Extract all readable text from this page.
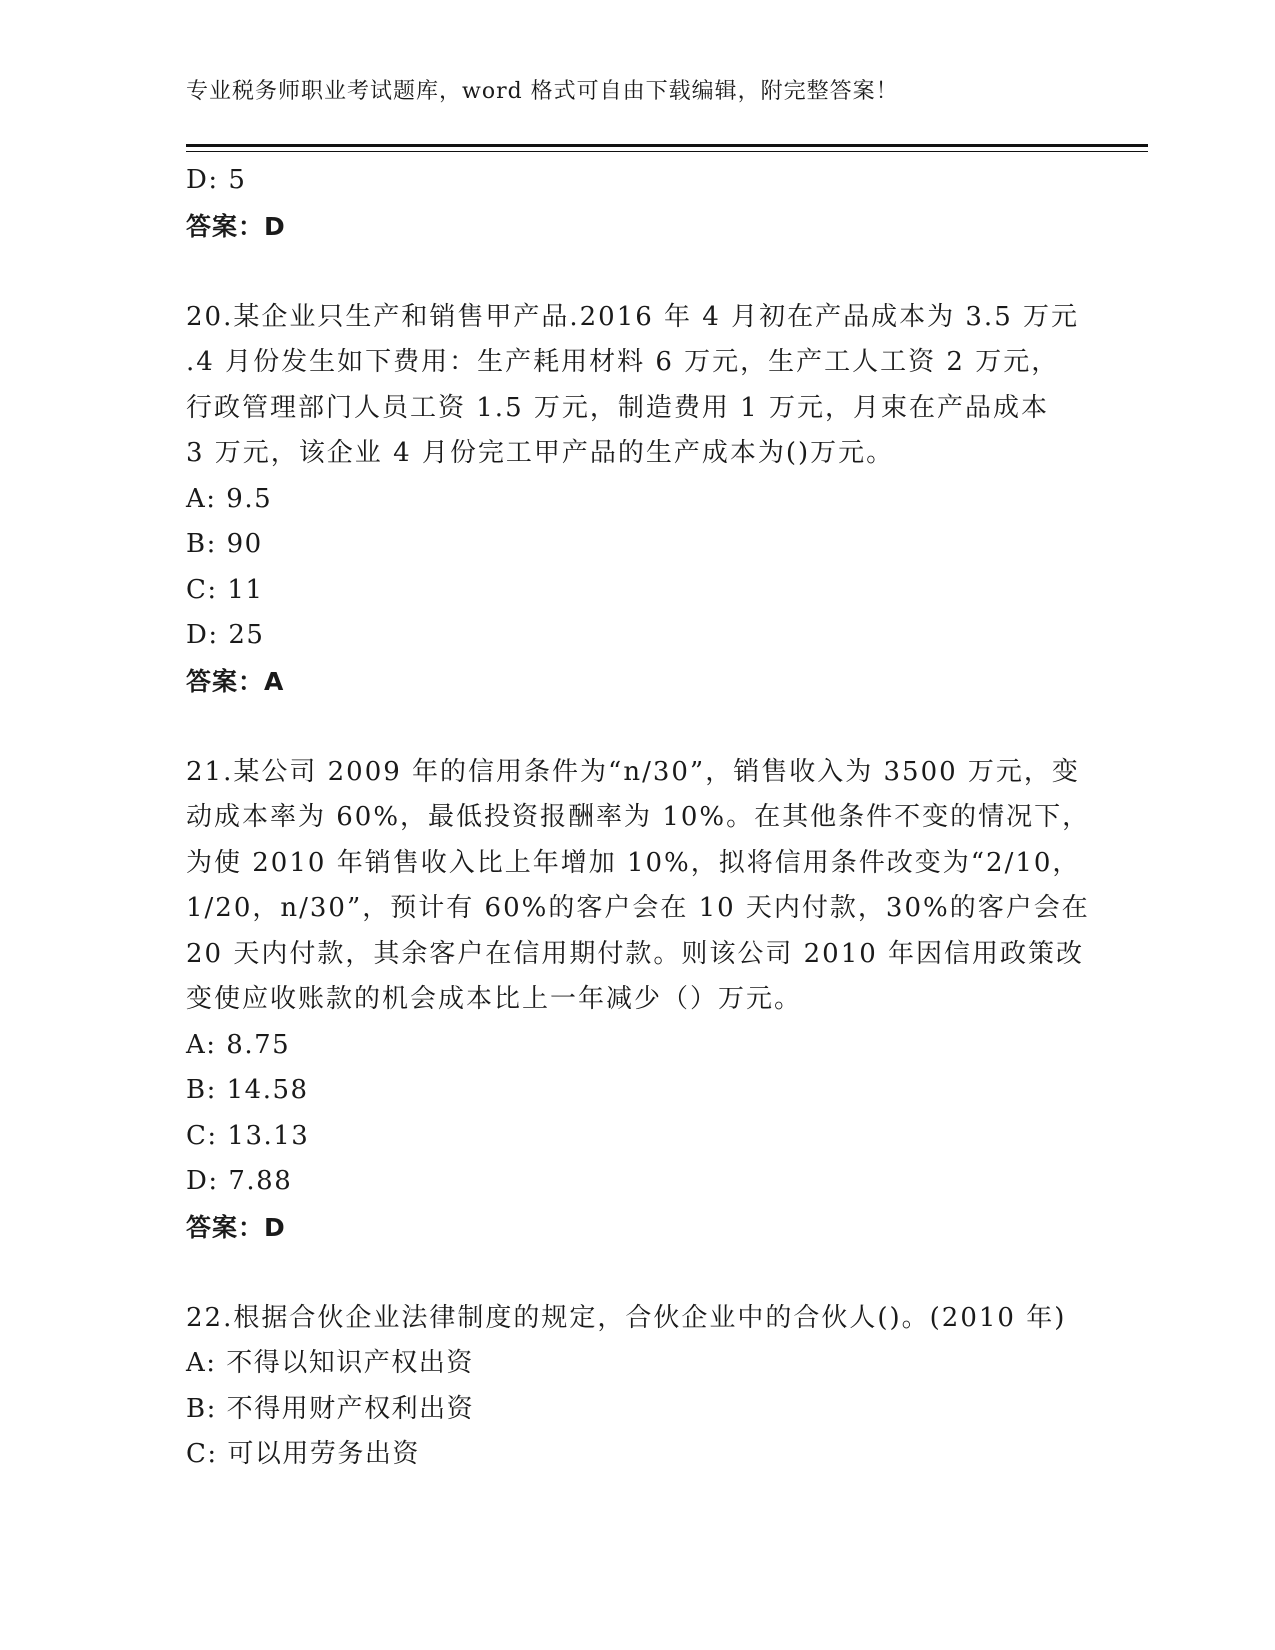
专业税务师职业考试题库，word 格式可自由下载编辑，附完整答案！
D: 5
答案：D
20.某企业只生产和销售甲产品.2016 年 4 月初在产品成本为 3.5 万元
.4 月份发生如下费用：生产耗用材料 6 万元，生产工人工资 2 万元，
行政管理部门人员工资 1.5 万元，制造费用 1 万元，月束在产品成本
3 万元，该企业 4 月份完工甲产品的生产成本为()万元。
A: 9.5
B: 90
C: 11
D: 25
答案：A
21.某公司 2009 年的信用条件为“n/30”，销售收入为 3500 万元，变
动成本率为 60%，最低投资报酬率为 10%。在其他条件不变的情况下，
为使 2010 年销售收入比上年增加 10%，拟将信用条件改变为“2/10，
1/20，n/30”，预计有 60%的客户会在 10 天内付款，30%的客户会在
20 天内付款，其余客户在信用期付款。则该公司 2010 年因信用政策改
变使应收账款的机会成本比上一年减少（）万元。
A: 8.75
B: 14.58
C: 13.13
D: 7.88
答案：D
22.根据合伙企业法律制度的规定，合伙企业中的合伙人()。(2010 年)
A: 不得以知识产权出资
B: 不得用财产权利出资
C: 可以用劳务出资
